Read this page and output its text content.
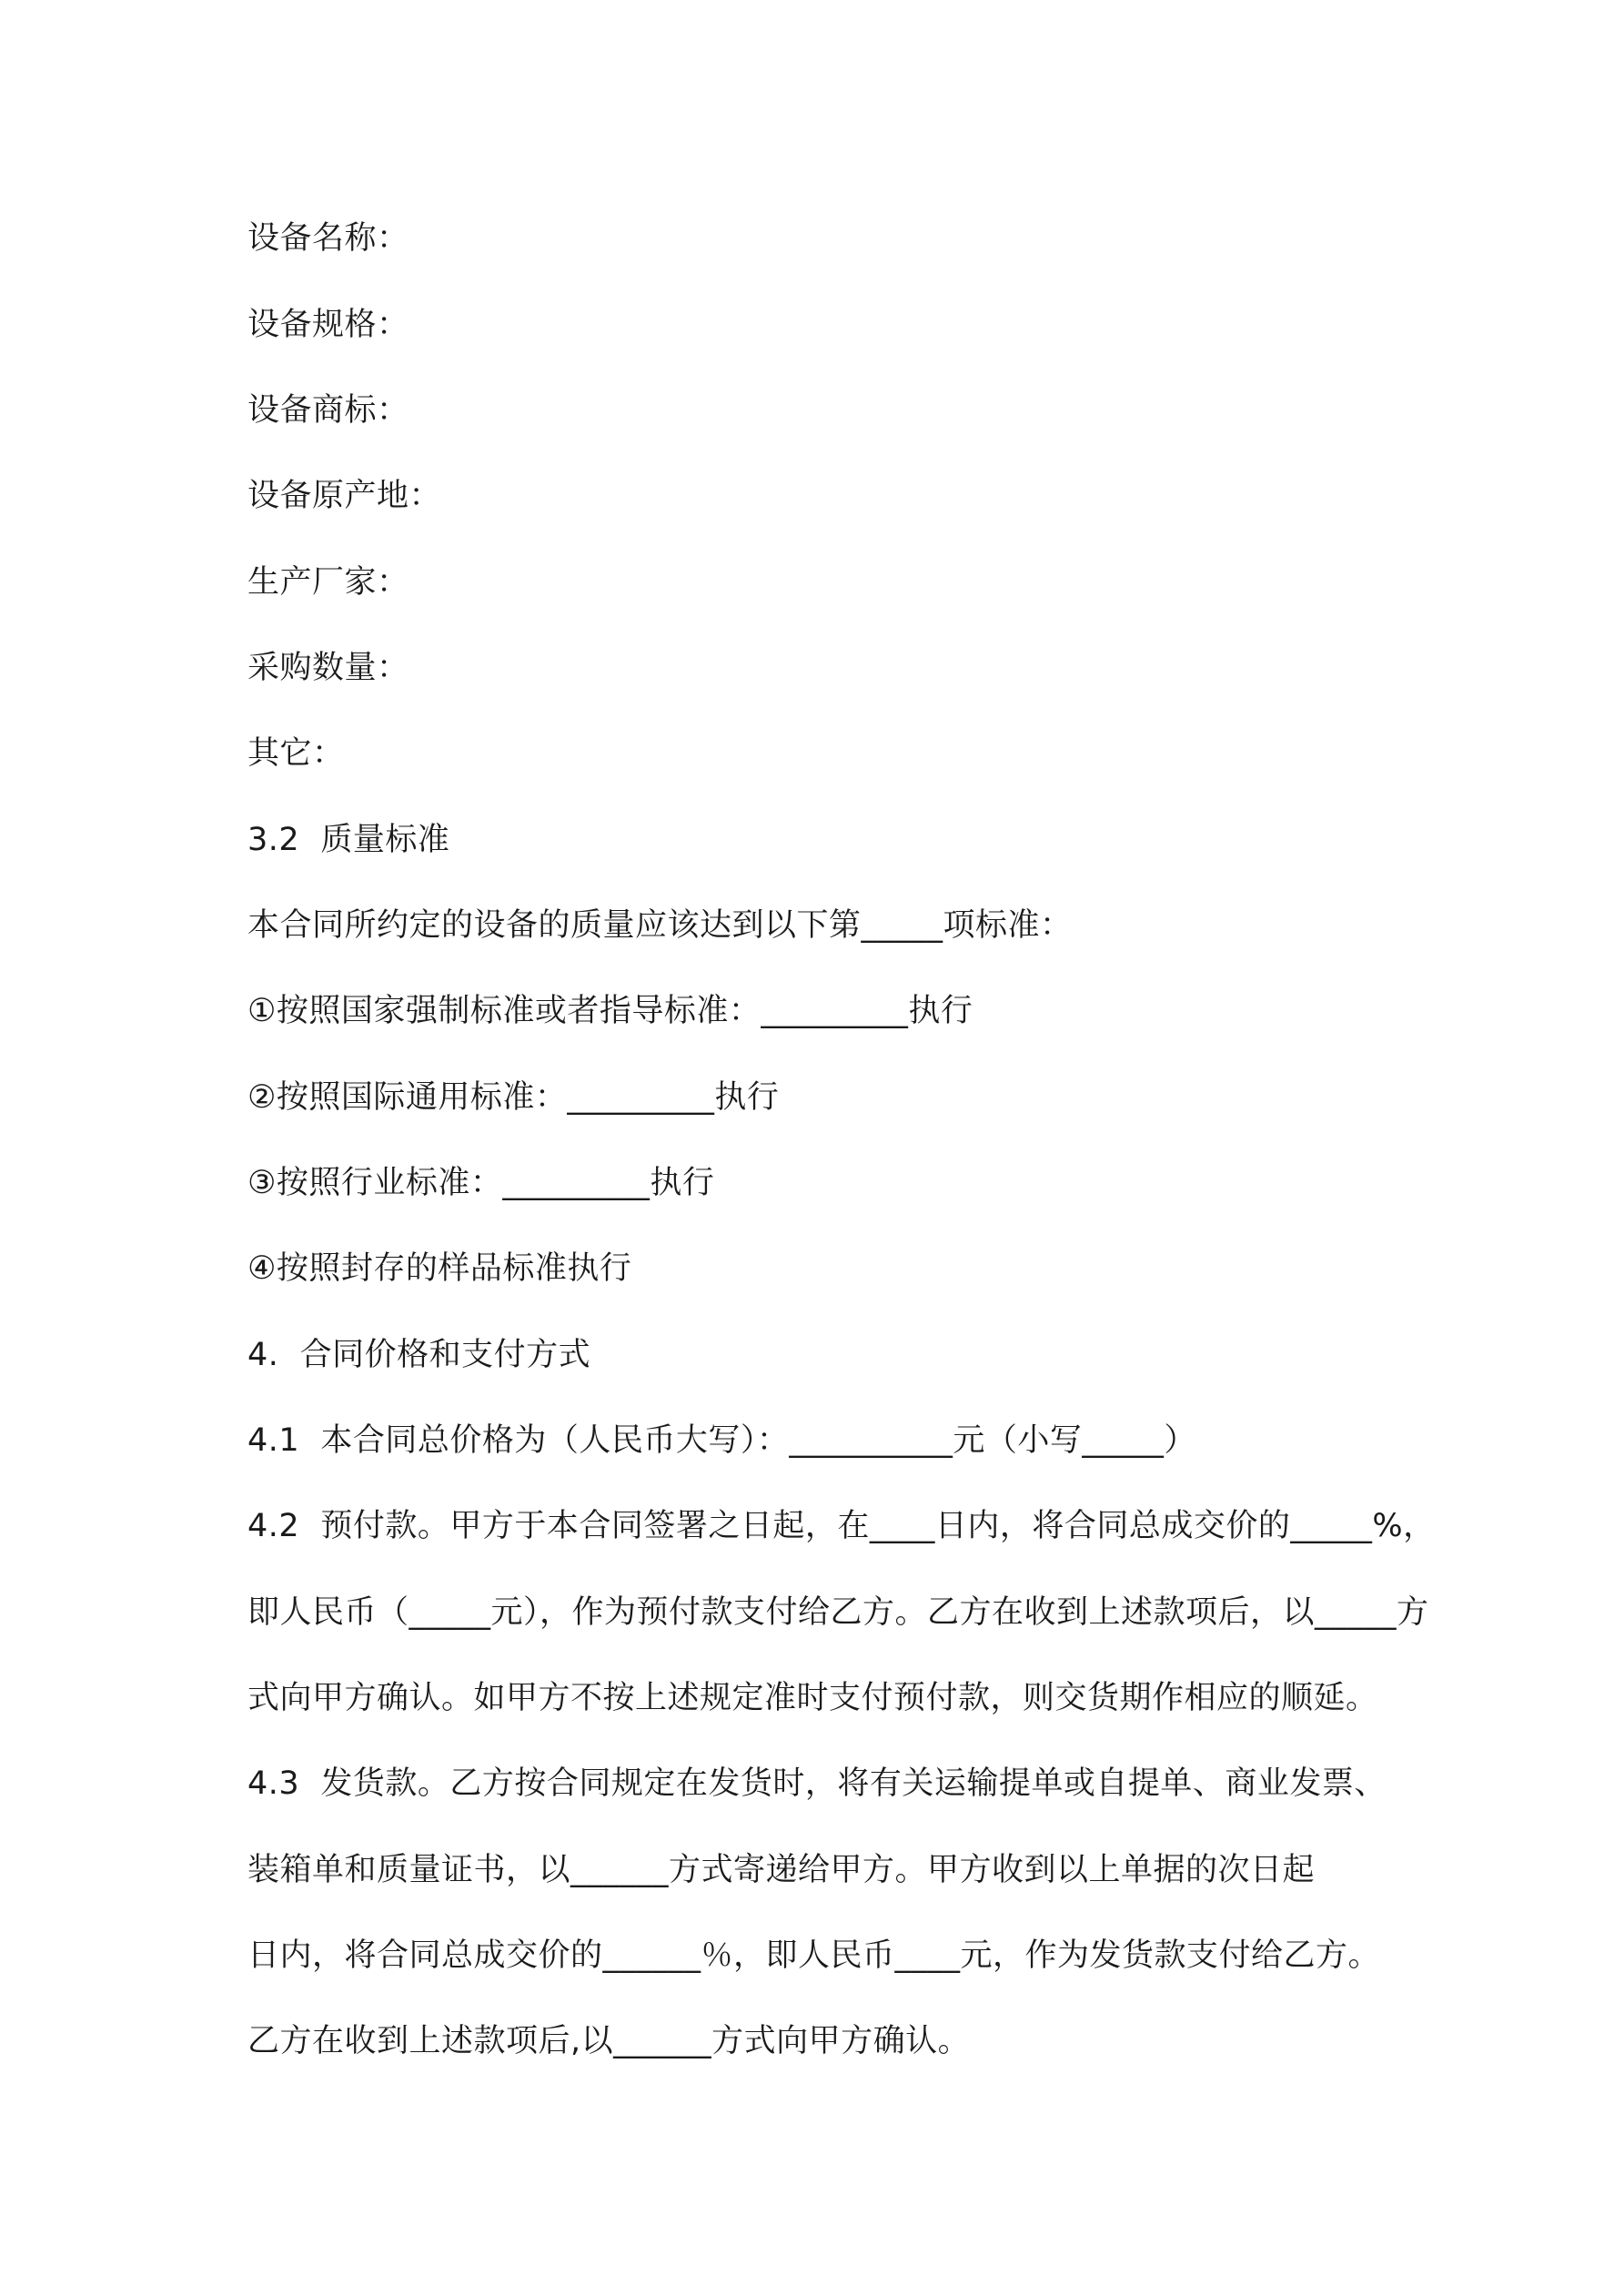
设备名称：
设备规格：
设备商标：
设备原产地：
生产厂家：
采购数量：
其它：
3.2  质量标准
本合同所约定的设备的质量应该达到以下第_____项标准：
①按照国家强制标准或者指导标准：_________执行
②按照国际通用标准：_________执行
③按照行业标准：_________执行
④按照封存的样品标准执行
4.  合同价格和支付方式
4.1  本合同总价格为（人民币大写）：__________元（小写_____）
4.2  预付款。甲方于本合同签署之日起，在____日内，将合同总成交价的_____%，
即人民币（_____元），作为预付款支付给乙方。乙方在收到上述款项后，以_____方
式向甲方确认。如甲方不按上述规定准时支付预付款，则交货期作相应的顺延。
4.3  发货款。乙方按合同规定在发货时，将有关运输提单或自提单、商业发票、
装箱单和质量证书，以______方式寄递给甲方。甲方收到以上单据的次日起
日内，将合同总成交价的______％，即人民币____元，作为发货款支付给乙方。
乙方在收到上述款项后,以______方式向甲方确认。
